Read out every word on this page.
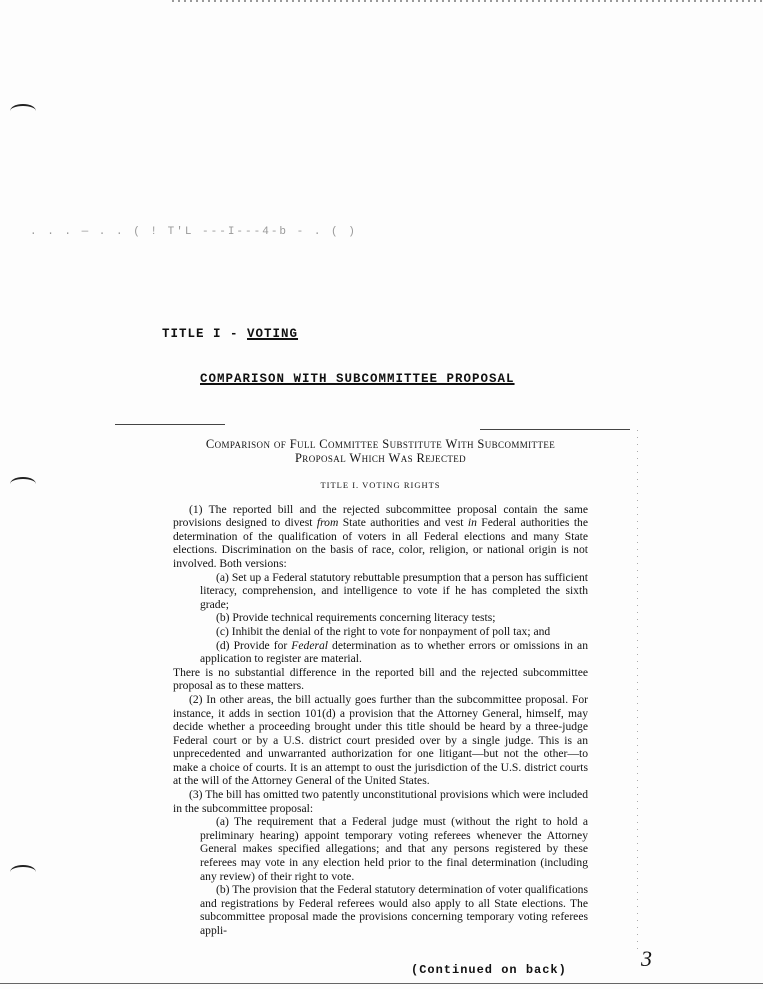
. . . — . . ( ! T'L ---I---4-b - . ( )
TITLE I - VOTING
COMPARISON WITH SUBCOMMITTEE PROPOSAL

Comparison of Full Committee Substitute With Subcommittee
Proposal Which Was Rejected

TITLE I. VOTING RIGHTS

(1) The reported bill and the rejected subcommittee proposal contain the same provisions designed to divest from State authorities and vest in Federal authorities the determination of the qualification of voters in all Federal elections and many State elections. Discrimination on the basis of race, color, religion, or national origin is not involved. Both versions:

(a) Set up a Federal statutory rebuttable presumption that a person has sufficient literacy, comprehension, and intelligence to vote if he has completed the sixth grade;

(b) Provide technical requirements concerning literacy tests;

(c) Inhibit the denial of the right to vote for nonpayment of poll tax; and

(d) Provide for Federal determination as to whether errors or omissions in an application to register are material.

There is no substantial difference in the reported bill and the rejected subcommittee proposal as to these matters.

(2) In other areas, the bill actually goes further than the subcommittee proposal. For instance, it adds in section 101(d) a provision that the Attorney General, himself, may decide whether a proceeding brought under this title should be heard by a three-judge Federal court or by a U.S. district court presided over by a single judge. This is an unprecedented and unwarranted authorization for one litigant—but not the other—to make a choice of courts. It is an attempt to oust the jurisdiction of the U.S. district courts at the will of the Attorney General of the United States.

(3) The bill has omitted two patently unconstitutional provisions which were included in the subcommittee proposal:

(a) The requirement that a Federal judge must (without the right to hold a preliminary hearing) appoint temporary voting referees whenever the Attorney General makes specified allegations; and that any persons registered by these referees may vote in any election held prior to the final determination (including any review) of their right to vote.

(b) The provision that the Federal statutory determination of voter qualifications and registrations by Federal referees would also apply to all State elections. The subcommittee proposal made the provisions concerning temporary voting referees appli-

(Continued on back)	3
